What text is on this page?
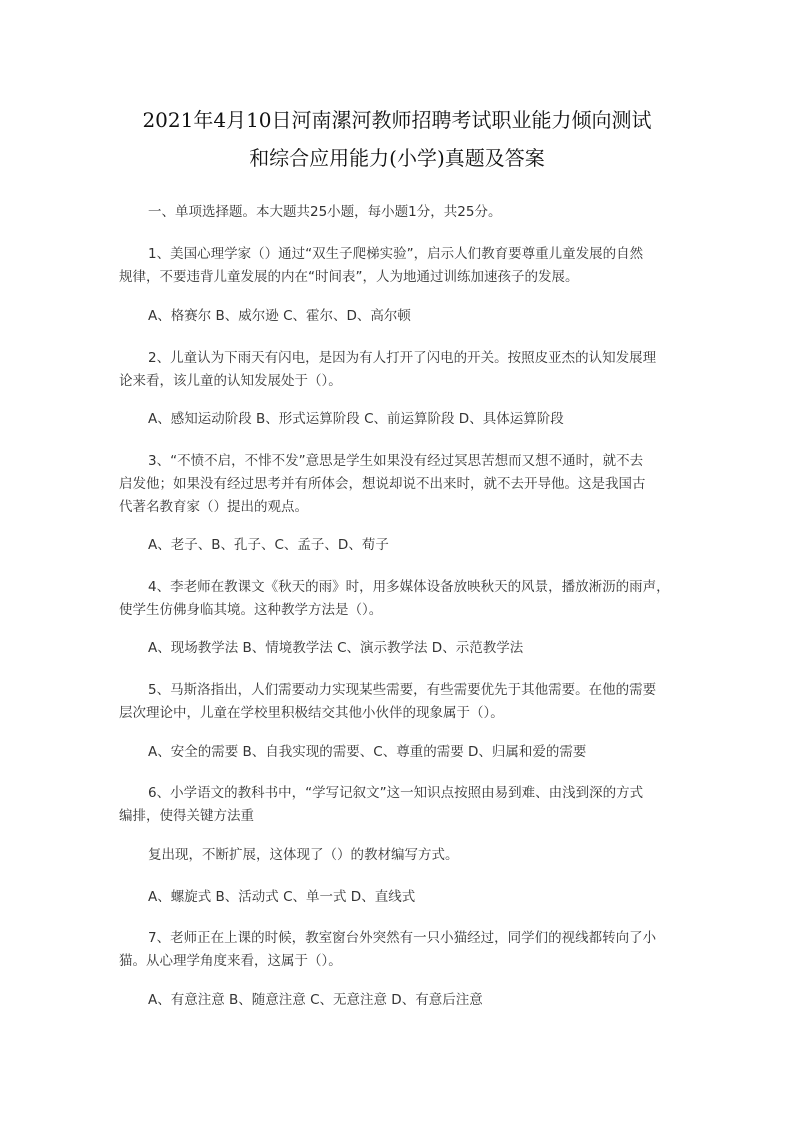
2021年4月10日河南漯河教师招聘考试职业能力倾向测试
和综合应用能力(小学)真题及答案
一、单项选择题。本大题共25小题，每小题1分，共25分。
1、美国心理学家（）通过“双生子爬梯实验”，启示人们教育要尊重儿童发展的自然
规律，不要违背儿童发展的内在“时间表”，人为地通过训练加速孩子的发展。
A、格赛尔 B、威尔逊 C、霍尔、D、高尔顿
2、儿童认为下雨天有闪电，是因为有人打开了闪电的开关。按照皮亚杰的认知发展理
论来看，该儿童的认知发展处于（）。
A、感知运动阶段 B、形式运算阶段 C、前运算阶段 D、具体运算阶段
3、“不愤不启，不悱不发”意思是学生如果没有经过冥思苦想而又想不通时，就不去
启发他；如果没有经过思考并有所体会，想说却说不出来时，就不去开导他。这是我国古
代著名教育家（）提出的观点。
A、老子、B、孔子、C、孟子、D、荀子
4、李老师在教课文《秋天的雨》时，用多媒体设备放映秋天的风景，播放淅沥的雨声，
使学生仿佛身临其境。这种教学方法是（）。
A、现场教学法 B、情境教学法 C、演示教学法 D、示范教学法
5、马斯洛指出，人们需要动力实现某些需要，有些需要优先于其他需要。在他的需要
层次理论中，儿童在学校里积极结交其他小伙伴的现象属于（）。
A、安全的需要 B、自我实现的需要、C、尊重的需要 D、归属和爱的需要
6、小学语文的教科书中，“学写记叙文”这一知识点按照由易到难、由浅到深的方式
编排，使得关键方法重
复出现，不断扩展，这体现了（）的教材编写方式。
A、螺旋式 B、活动式 C、单一式 D、直线式
7、老师正在上课的时候，教室窗台外突然有一只小猫经过，同学们的视线都转向了小
猫。从心理学角度来看，这属于（）。
A、有意注意 B、随意注意 C、无意注意 D、有意后注意
